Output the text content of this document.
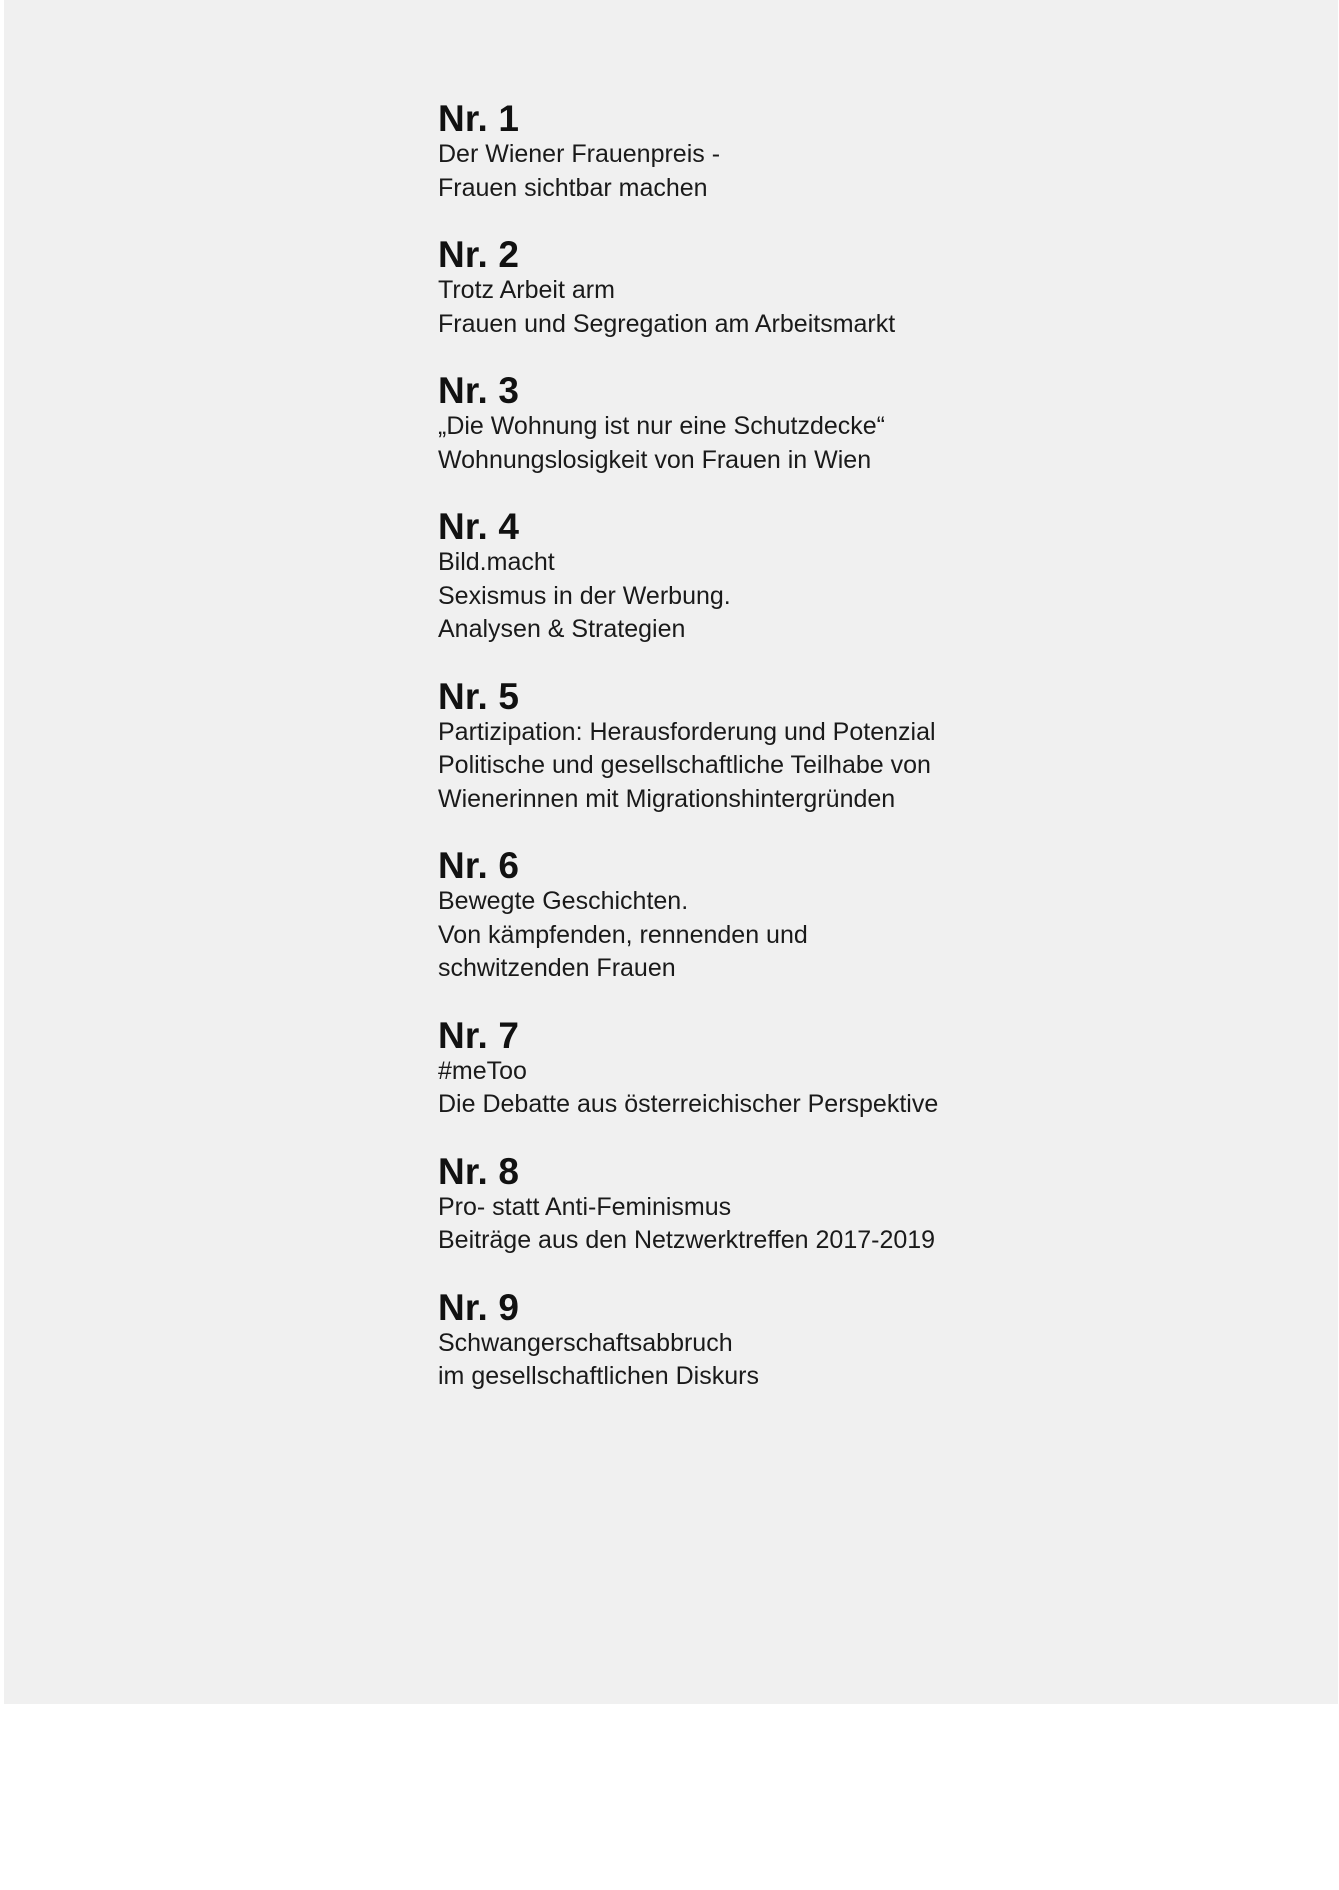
Nr. 1

Der Wiener Frauenpreis -

Frauen sichtbar machen

Nr. 2

Trotz Arbeit arm

Frauen und Segregation am Arbeitsmarkt

Nr. 3

„Die Wohnung ist nur eine Schutzdecke“

Wohnungslosigkeit von Frauen in Wien

Nr. 4

Bild.macht

Sexismus in der Werbung.

Analysen & Strategien

Nr. 5

Partizipation: Herausforderung und Potenzial

Politische und gesellschaftliche Teilhabe von

Wienerinnen mit Migrationshintergründen

Nr. 6

Bewegte Geschichten.

Von kämpfenden, rennenden und

schwitzenden Frauen

Nr. 7

#meToo

Die Debatte aus österreichischer Perspektive

Nr. 8

Pro- statt Anti-Feminismus

Beiträge aus den Netzwerktreffen 2017-2019

Nr. 9

Schwangerschaftsabbruch

im gesellschaftlichen Diskurs
